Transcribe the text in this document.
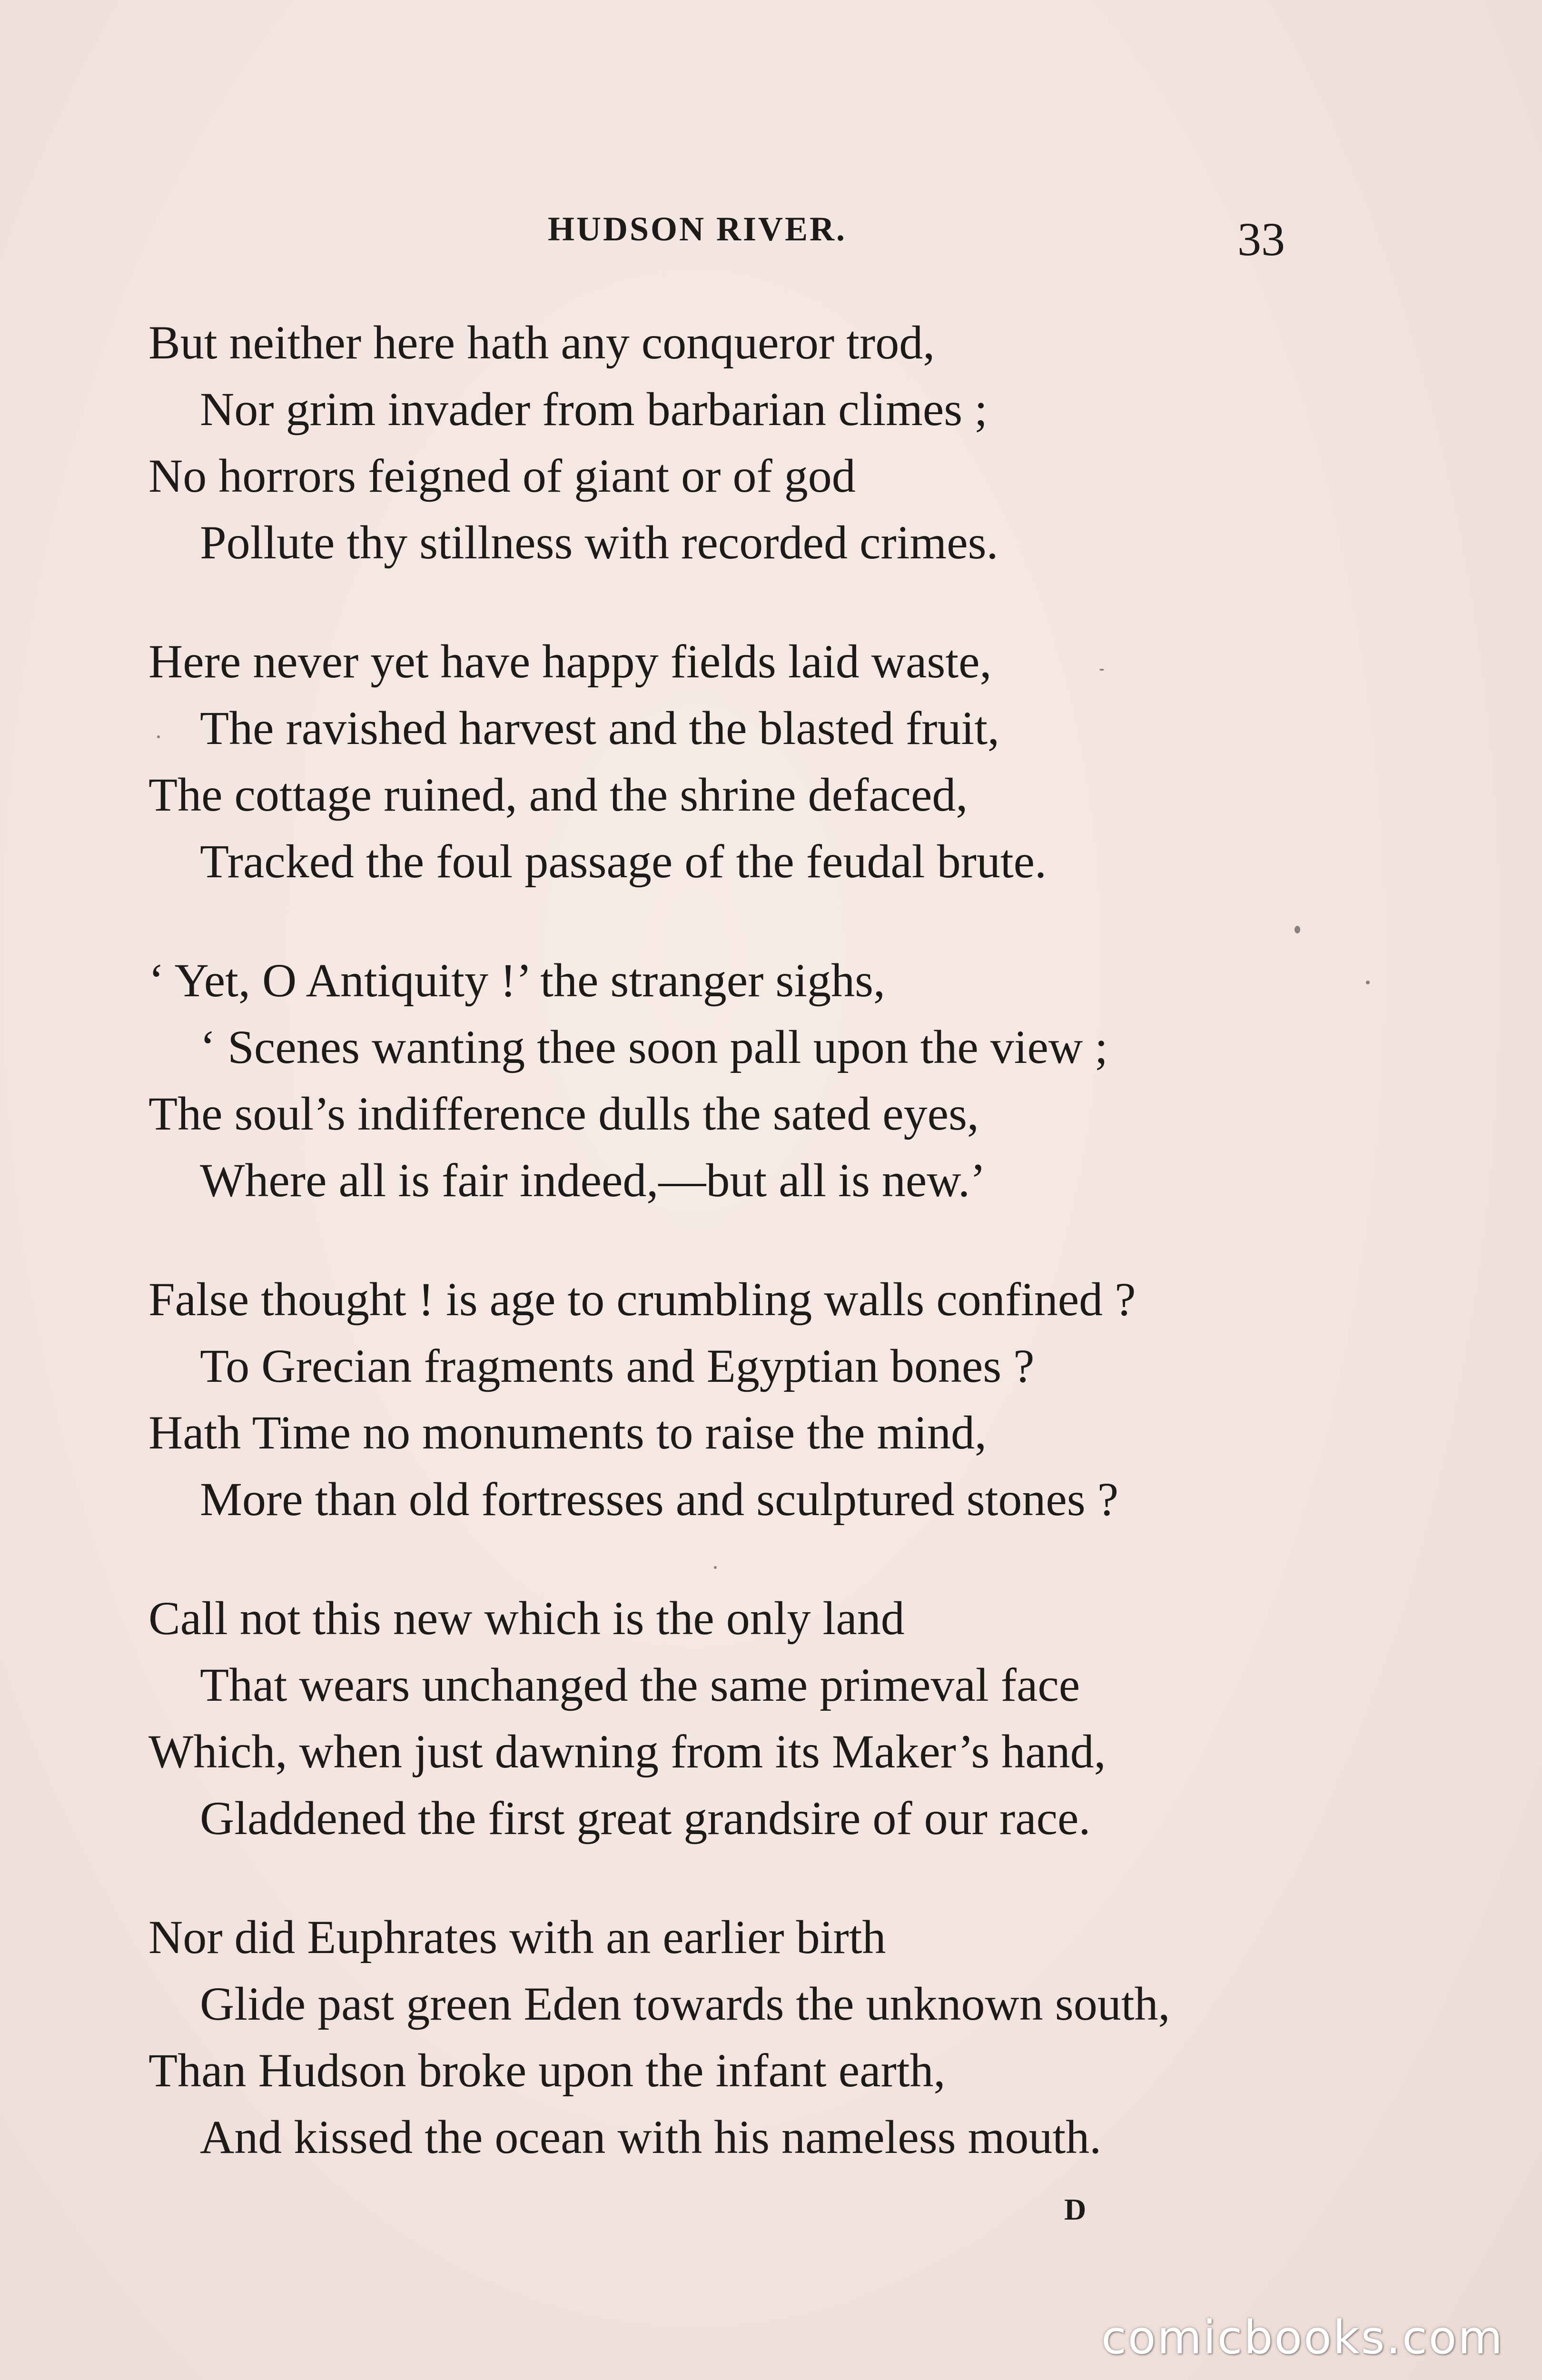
HUDSON RIVER.	33
But neither here hath any conqueror trod,
Nor grim invader from barbarian climes ;
No horrors feigned of giant or of god
Pollute thy stillness with recorded crimes.
Here never yet have happy fields laid waste,
The ravished harvest and the blasted fruit,
The cottage ruined, and the shrine defaced,
Tracked the foul passage of the feudal brute.
‘ Yet, O Antiquity !’ the stranger sighs,
‘ Scenes wanting thee soon pall upon the view ;
The soul’s indifference dulls the sated eyes,
Where all is fair indeed,—but all is new.’
False thought ! is age to crumbling walls confined ?
To Grecian fragments and Egyptian bones ?
Hath Time no monuments to raise the mind,
More than old fortresses and sculptured stones ?
Call not this new which is the only land
That wears unchanged the same primeval face
Which, when just dawning from its Maker’s hand,
Gladdened the first great grandsire of our race.
Nor did Euphrates with an earlier birth
Glide past green Eden towards the unknown south,
Than Hudson broke upon the infant earth,
And kissed the ocean with his nameless mouth.
D
comicbooks.com
